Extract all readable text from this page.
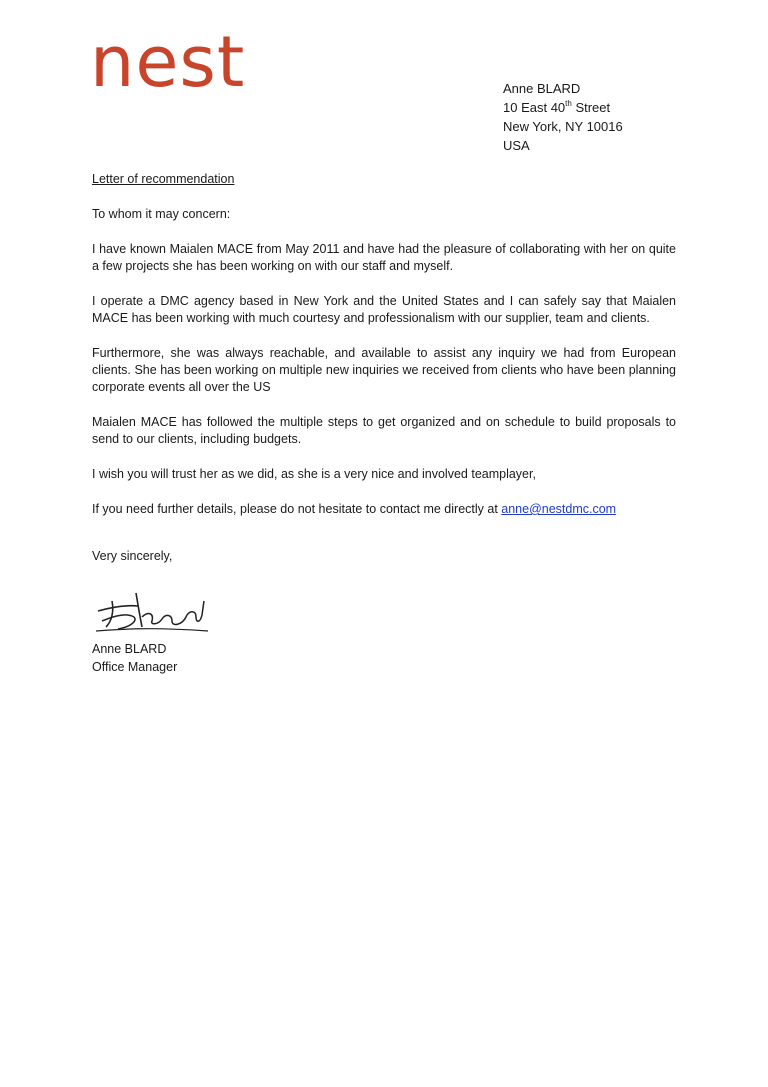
nest	Anne BLARD
10 East 40th Street
New York, NY 10016
USA

Letter of recommendation

To whom it may concern:

I have known Maialen MACE from May 2011 and have had the pleasure of collaborating with her on quite a few projects she has been working on with our staff and myself.

I operate a DMC agency based in New York and the United States and I can safely say that Maialen MACE has been working with much courtesy and professionalism with our supplier, team and clients.

Furthermore, she was always reachable, and available to assist any inquiry we had from European clients. She has been working on multiple new inquiries we received from clients who have been planning corporate events all over the US

Maialen MACE has followed the multiple steps to get organized and on schedule to build proposals to send to our clients, including budgets.

I wish you will trust her as we did, as she is a very nice and involved teamplayer,

If you need further details, please do not hesitate to contact me directly at anne@nestdmc.com

Very sincerely,

Anne BLARD
Office Manager
